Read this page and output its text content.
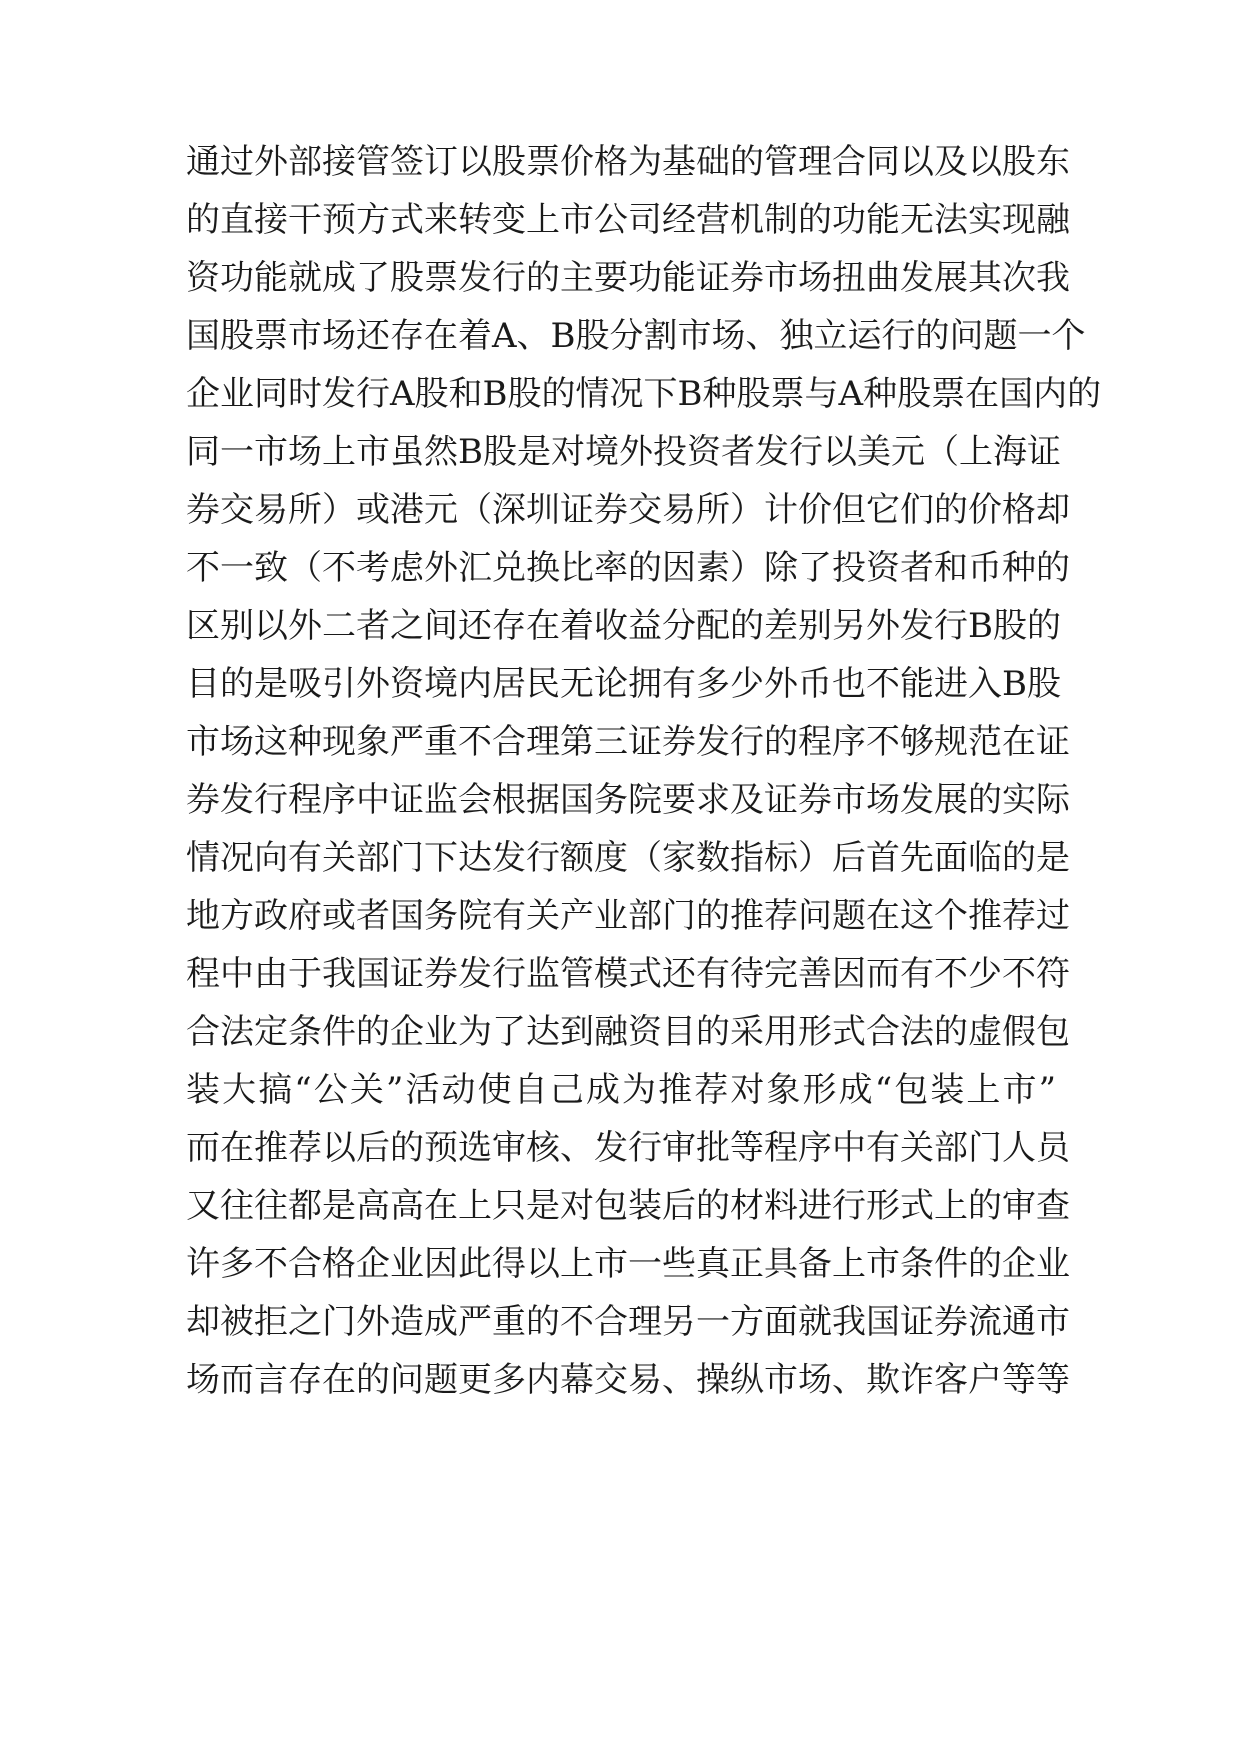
通过外部接管签订以股票价格为基础的管理合同以及以股东
的直接干预方式来转变上市公司经营机制的功能无法实现融
资功能就成了股票发行的主要功能证券市场扭曲发展其次我
国股票市场还存在着A、B股分割市场、独立运行的问题一个
企业同时发行A股和B股的情况下B种股票与A种股票在国内的
同一市场上市虽然B股是对境外投资者发行以美元（上海证
券交易所）或港元（深圳证券交易所）计价但它们的价格却
不一致（不考虑外汇兑换比率的因素）除了投资者和币种的
区别以外二者之间还存在着收益分配的差别另外发行B股的
目的是吸引外资境内居民无论拥有多少外币也不能进入B股
市场这种现象严重不合理第三证券发行的程序不够规范在证
券发行程序中证监会根据国务院要求及证券市场发展的实际
情况向有关部门下达发行额度（家数指标）后首先面临的是
地方政府或者国务院有关产业部门的推荐问题在这个推荐过
程中由于我国证券发行监管模式还有待完善因而有不少不符
合法定条件的企业为了达到融资目的采用形式合法的虚假包
装大搞“公关”活动使自己成为推荐对象形成“包装上市”
而在推荐以后的预选审核、发行审批等程序中有关部门人员
又往往都是高高在上只是对包装后的材料进行形式上的审查
许多不合格企业因此得以上市一些真正具备上市条件的企业
却被拒之门外造成严重的不合理另一方面就我国证券流通市
场而言存在的问题更多内幕交易、操纵市场、欺诈客户等等
